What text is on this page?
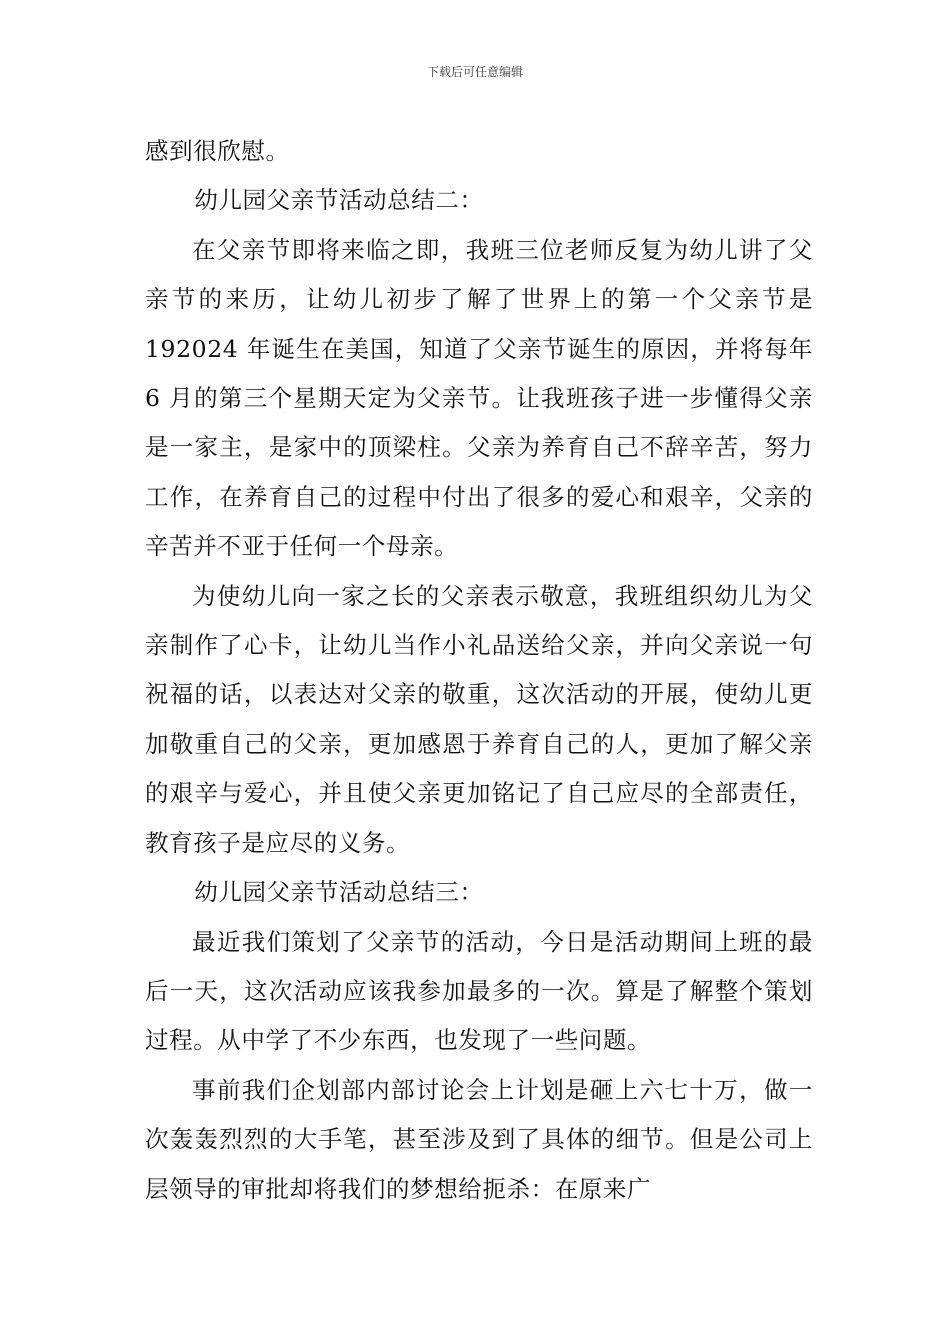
下载后可任意编辑

感到很欣慰。

幼儿园父亲节活动总结二：

在父亲节即将来临之即，我班三位老师反复为幼儿讲了父亲节的来历，让幼儿初步了解了世界上的第一个父亲节是 192024 年诞生在美国，知道了父亲节诞生的原因，并将每年 6 月的第三个星期天定为父亲节。让我班孩子进一步懂得父亲是一家主，是家中的顶梁柱。父亲为养育自己不辞辛苦，努力工作，在养育自己的过程中付出了很多的爱心和艰辛，父亲的辛苦并不亚于任何一个母亲。

为使幼儿向一家之长的父亲表示敬意，我班组织幼儿为父亲制作了心卡，让幼儿当作小礼品送给父亲，并向父亲说一句祝福的话，以表达对父亲的敬重，这次活动的开展，使幼儿更加敬重自己的父亲，更加感恩于养育自己的人，更加了解父亲的艰辛与爱心，并且使父亲更加铭记了自己应尽的全部责任，教育孩子是应尽的义务。

幼儿园父亲节活动总结三：

最近我们策划了父亲节的活动，今日是活动期间上班的最后一天，这次活动应该我参加最多的一次。算是了解整个策划过程。从中学了不少东西，也发现了一些问题。

事前我们企划部内部讨论会上计划是砸上六七十万，做一次轰轰烈烈的大手笔，甚至涉及到了具体的细节。但是公司上层领导的审批却将我们的梦想给扼杀：在原来广
